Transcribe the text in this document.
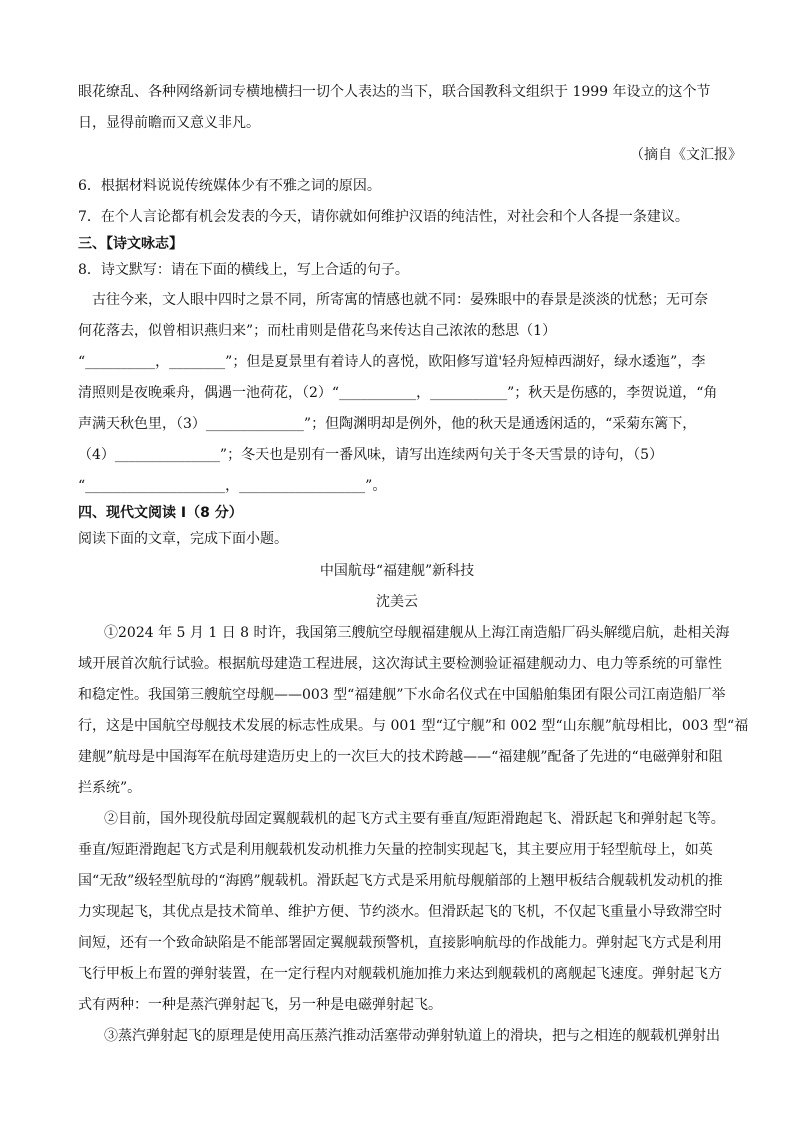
眼花缭乱、各种网络新词专横地横扫一切个人表达的当下，联合国教科文组织于 1999 年设立的这个节
日，显得前瞻而又意义非凡。
（摘自《文汇报》
6．根据材料说说传统媒体少有不雅之词的原因。
7．在个人言论都有机会发表的今天，请你就如何维护汉语的纯洁性，对社会和个人各提一条建议。
三、【诗文咏志】
8．诗文默写：请在下面的横线上，写上合适的句子。
古往今来，文人眼中四时之景不同，所寄寓的情感也就不同：晏殊眼中的春景是淡淡的忧愁；无可奈
何花落去，似曾相识燕归来”；而杜甫则是借花鸟来传达自己浓浓的愁思（1）
“__________，________”；但是夏景里有着诗人的喜悦，欧阳修写道'轻舟短棹西湖好，绿水逶迤”，李
清照则是夜晚乘舟，偶遇一池荷花，（2）“___________，___________”；秋天是伤感的，李贺说道，“角
声满天秋色里，（3）______________”；但陶渊明却是例外，他的秋天是通透闲适的，“采菊东篱下，
（4）_______________”；冬天也是别有一番风味，请写出连续两句关于冬天雪景的诗句，（5）
“____________________，__________________”。
四、现代文阅读 I（8 分）
阅读下面的文章，完成下面小题。
中国航母“福建舰”新科技
沈美云
①2024 年 5 月 1 日 8 时许，我国第三艘航空母舰福建舰从上海江南造船厂码头解缆启航，赴相关海
域开展首次航行试验。根据航母建造工程进展，这次海试主要检测验证福建舰动力、电力等系统的可靠性
和稳定性。我国第三艘航空母舰——003 型“福建舰”下水命名仪式在中国船舶集团有限公司江南造船厂举
行，这是中国航空母舰技术发展的标志性成果。与 001 型“辽宁舰”和 002 型“山东舰”航母相比，003 型“福
建舰”航母是中国海军在航母建造历史上的一次巨大的技术跨越——“福建舰”配备了先进的“电磁弹射和阻
拦系统”。
②目前，国外现役航母固定翼舰载机的起飞方式主要有垂直/短距滑跑起飞、滑跃起飞和弹射起飞等。
垂直/短距滑跑起飞方式是利用舰载机发动机推力矢量的控制实现起飞，其主要应用于轻型航母上，如英
国“无敌”级轻型航母的“海鸥”舰载机。滑跃起飞方式是采用航母舰艏部的上翘甲板结合舰载机发动机的推
力实现起飞，其优点是技术简单、维护方便、节约淡水。但滑跃起飞的飞机，不仅起飞重量小导致滞空时
间短，还有一个致命缺陷是不能部署固定翼舰载预警机，直接影响航母的作战能力。弹射起飞方式是利用
飞行甲板上布置的弹射装置，在一定行程内对舰载机施加推力来达到舰载机的离舰起飞速度。弹射起飞方
式有两种：一种是蒸汽弹射起飞，另一种是电磁弹射起飞。
③蒸汽弹射起飞的原理是使用高压蒸汽推动活塞带动弹射轨道上的滑块，把与之相连的舰载机弹射出
